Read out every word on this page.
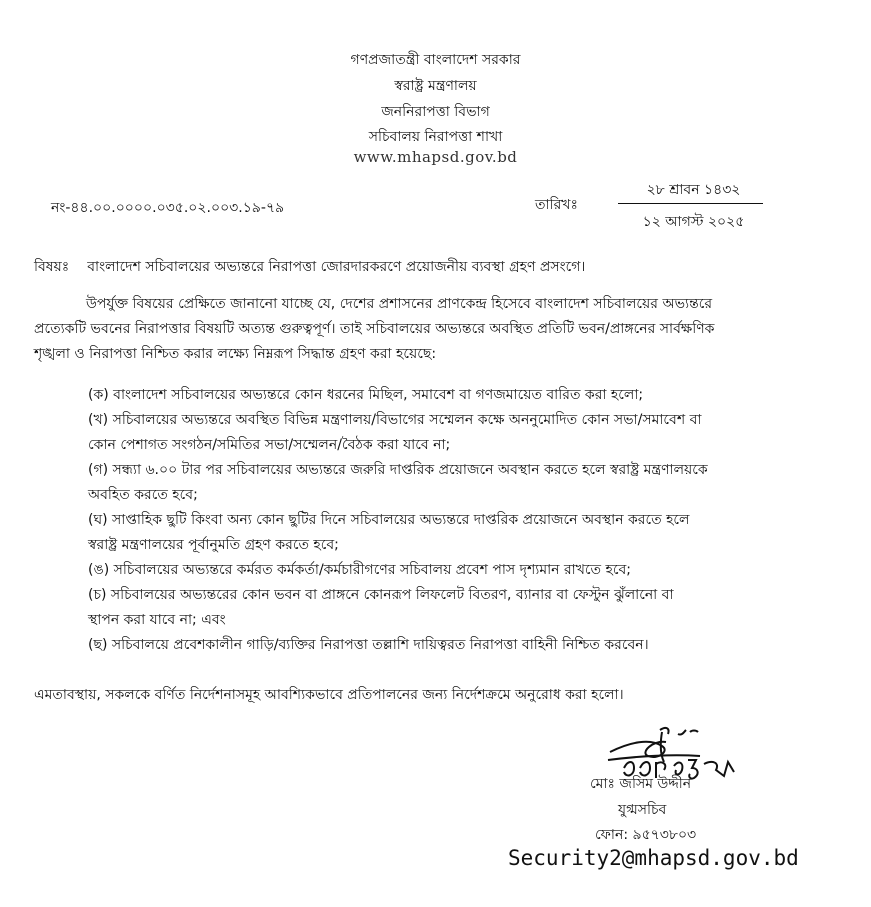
গণপ্রজাতন্ত্রী বাংলাদেশ সরকার
স্বরাষ্ট্র মন্ত্রণালয়
জননিরাপত্তা বিভাগ
সচিবালয় নিরাপত্তা শাখা
www.mhapsd.gov.bd
নং-৪৪.০০.০০০০.০৩৫.০২.০০৩.১৯-৭৯	তারিখঃ
২৮ শ্রাবন ১৪৩২
১২ আগস্ট ২০২৫
বিষয়ঃ বাংলাদেশ সচিবালয়ের অভ্যন্তরে নিরাপত্তা জোরদারকরণে প্রয়োজনীয় ব্যবস্থা গ্রহণ প্রসংগে।
উপর্যুক্ত বিষয়ের প্রেক্ষিতে জানানো যাচ্ছে যে, দেশের প্রশাসনের প্রাণকেন্দ্র হিসেবে বাংলাদেশ সচিবালয়ের অভ্যন্তরে
প্রত্যেকটি ভবনের নিরাপত্তার বিষয়টি অত্যন্ত গুরুত্বপূর্ণ। তাই সচিবালয়ের অভ্যন্তরে অবস্থিত প্রতিটি ভবন/প্রাঙ্গনের সার্বক্ষণিক
শৃঙ্খলা ও নিরাপত্তা নিশ্চিত করার লক্ষ্যে নিম্নরূপ সিদ্ধান্ত গ্রহণ করা হয়েছে:
(ক) বাংলাদেশ সচিবালয়ের অভ্যন্তরে কোন ধরনের মিছিল, সমাবেশ বা গণজমায়েত বারিত করা হলো;
(খ) সচিবালয়ের অভ্যন্তরে অবস্থিত বিভিন্ন মন্ত্রণালয়/বিভাগের সম্মেলন কক্ষে অননুমোদিত কোন সভা/সমাবেশ বা
কোন পেশাগত সংগঠন/সমিতির সভা/সম্মেলন/বৈঠক করা যাবে না;
(গ) সন্ধ্যা ৬.০০ টার পর সচিবালয়ের অভ্যন্তরে জরুরি দাপ্তরিক প্রয়োজনে অবস্থান করতে হলে স্বরাষ্ট্র মন্ত্রণালয়কে
অবহিত করতে হবে;
(ঘ) সাপ্তাহিক ছুটি কিংবা অন্য কোন ছুটির দিনে সচিবালয়ের অভ্যন্তরে দাপ্তরিক প্রয়োজনে অবস্থান করতে হলে
স্বরাষ্ট্র মন্ত্রণালয়ের পূর্বানুমতি গ্রহণ করতে হবে;
(ঙ) সচিবালয়ের অভ্যন্তরে কর্মরত কর্মকর্তা/কর্মচারীগণের সচিবালয় প্রবেশ পাস দৃশ্যমান রাখতে হবে;
(চ) সচিবালয়ের অভ্যন্তরের কোন ভবন বা প্রাঙ্গনে কোনরূপ লিফলেট বিতরণ, ব্যানার বা ফেস্টুন ঝুঁলানো বা
স্থাপন করা যাবে না; এবং
(ছ) সচিবালয়ে প্রবেশকালীন গাড়ি/ব্যক্তির নিরাপত্তা তল্লাশি দায়িত্বরত নিরাপত্তা বাহিনী নিশ্চিত করবেন।
এমতাবস্থায়, সকলকে বর্ণিত নির্দেশনাসমূহ আবশ্যিকভাবে প্রতিপালনের জন্য নির্দেশক্রমে অনুরোধ করা হলো।
মোঃ জসিম উদ্দীন
যুগ্মসচিব
ফোন: ৯৫৭৩৮০৩
Security2@mhapsd.gov.bd
